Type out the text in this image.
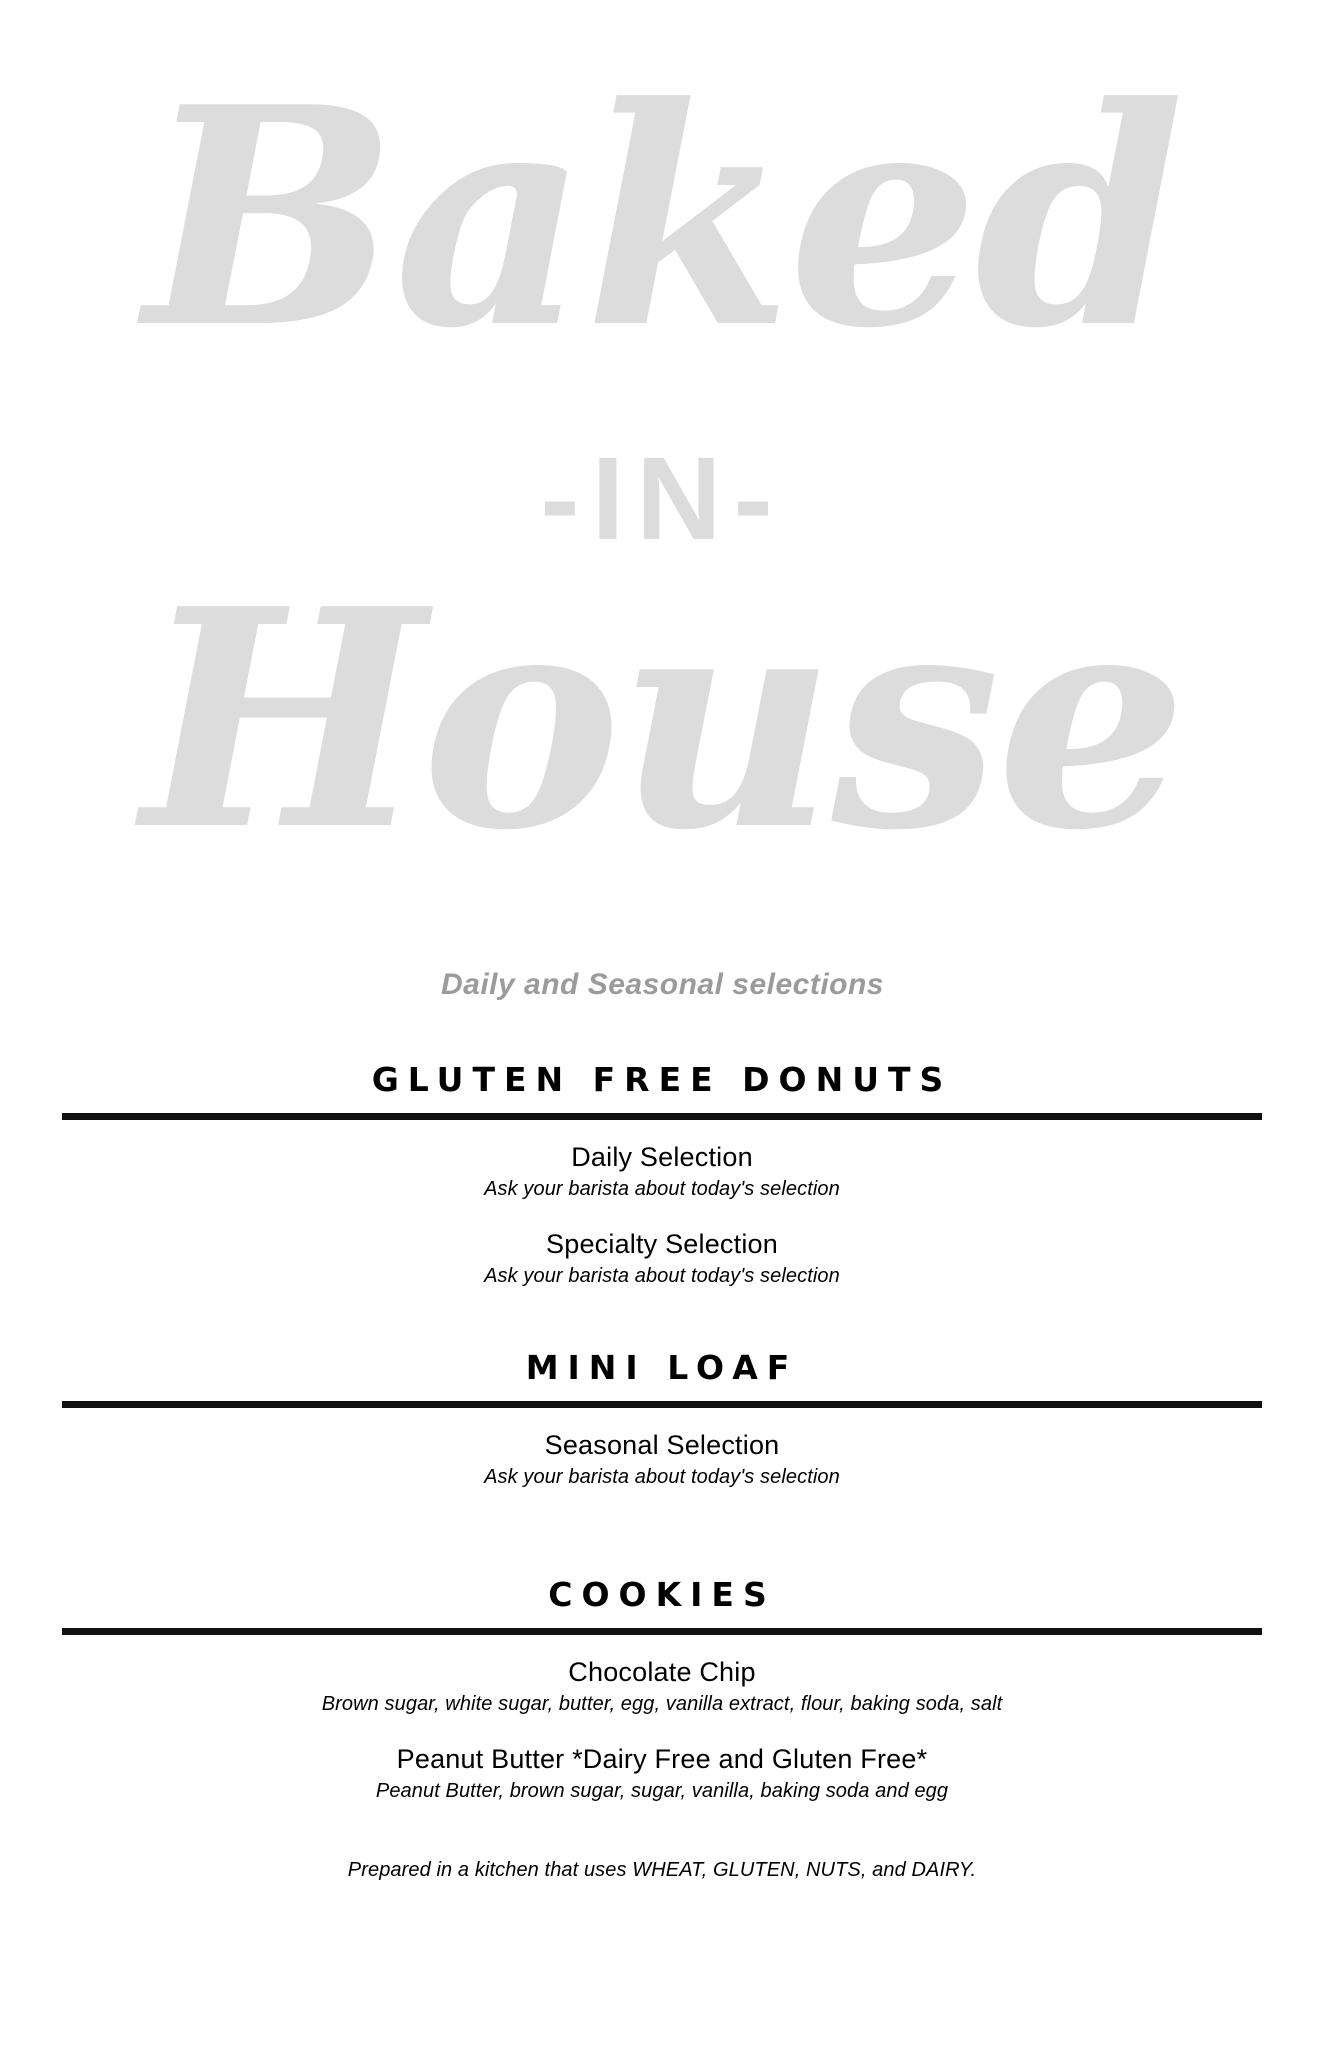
Baked
-IN-
House
Daily and Seasonal selections
GLUTEN FREE DONUTS
Daily Selection
Ask your barista about today's selection
Specialty Selection
Ask your barista about today's selection
MINI LOAF
Seasonal Selection
Ask your barista about today's selection
COOKIES
Chocolate Chip
Brown sugar, white sugar, butter, egg, vanilla extract, flour, baking soda, salt
Peanut Butter *Dairy Free and Gluten Free*
Peanut Butter, brown sugar, sugar, vanilla, baking soda and egg
Prepared in a kitchen that uses WHEAT, GLUTEN, NUTS, and DAIRY.
